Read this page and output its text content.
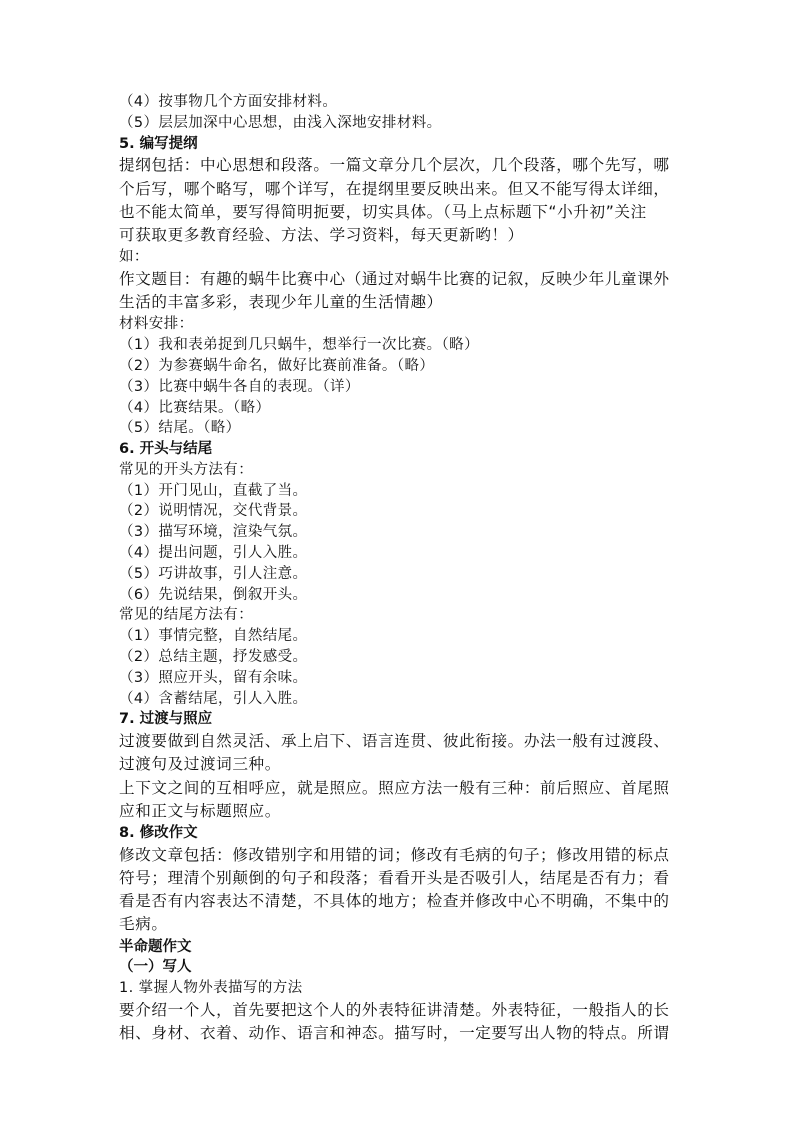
（4）按事物几个方面安排材料。
（5）层层加深中心思想，由浅入深地安排材料。
5. 编写提纲
提纲包括：中心思想和段落。一篇文章分几个层次，几个段落，哪个先写，哪
个后写，哪个略写，哪个详写，在提纲里要反映出来。但又不能写得太详细，
也不能太简单，要写得简明扼要，切实具体。（马上点标题下“小升初”关注
可获取更多教育经验、方法、学习资料，每天更新哟！）
如：
作文题目：有趣的蜗牛比赛中心（通过对蜗牛比赛的记叙，反映少年儿童课外
生活的丰富多彩，表现少年儿童的生活情趣）
材料安排：
（1）我和表弟捉到几只蜗牛，想举行一次比赛。（略）
（2）为参赛蜗牛命名，做好比赛前准备。（略）
（3）比赛中蜗牛各自的表现。（详）
（4）比赛结果。（略）
（5）结尾。（略）
6. 开头与结尾
常见的开头方法有：
（1）开门见山，直截了当。
（2）说明情况，交代背景。
（3）描写环境，渲染气氛。
（4）提出问题，引人入胜。
（5）巧讲故事，引人注意。
（6）先说结果，倒叙开头。
常见的结尾方法有：
（1）事情完整，自然结尾。
（2）总结主题，抒发感受。
（3）照应开头，留有余味。
（4）含蓄结尾，引人入胜。
7. 过渡与照应
过渡要做到自然灵活、承上启下、语言连贯、彼此衔接。办法一般有过渡段、
过渡句及过渡词三种。
上下文之间的互相呼应，就是照应。照应方法一般有三种：前后照应、首尾照
应和正文与标题照应。
8. 修改作文
修改文章包括：修改错别字和用错的词；修改有毛病的句子；修改用错的标点
符号；理清个别颠倒的句子和段落；看看开头是否吸引人，结尾是否有力；看
看是否有内容表达不清楚，不具体的地方；检查并修改中心不明确，不集中的
毛病。
半命题作文
（一）写人
1. 掌握人物外表描写的方法
要介绍一个人，首先要把这个人的外表特征讲清楚。外表特征，一般指人的长
相、身材、衣着、动作、语言和神态。描写时，一定要写出人物的特点。所谓
